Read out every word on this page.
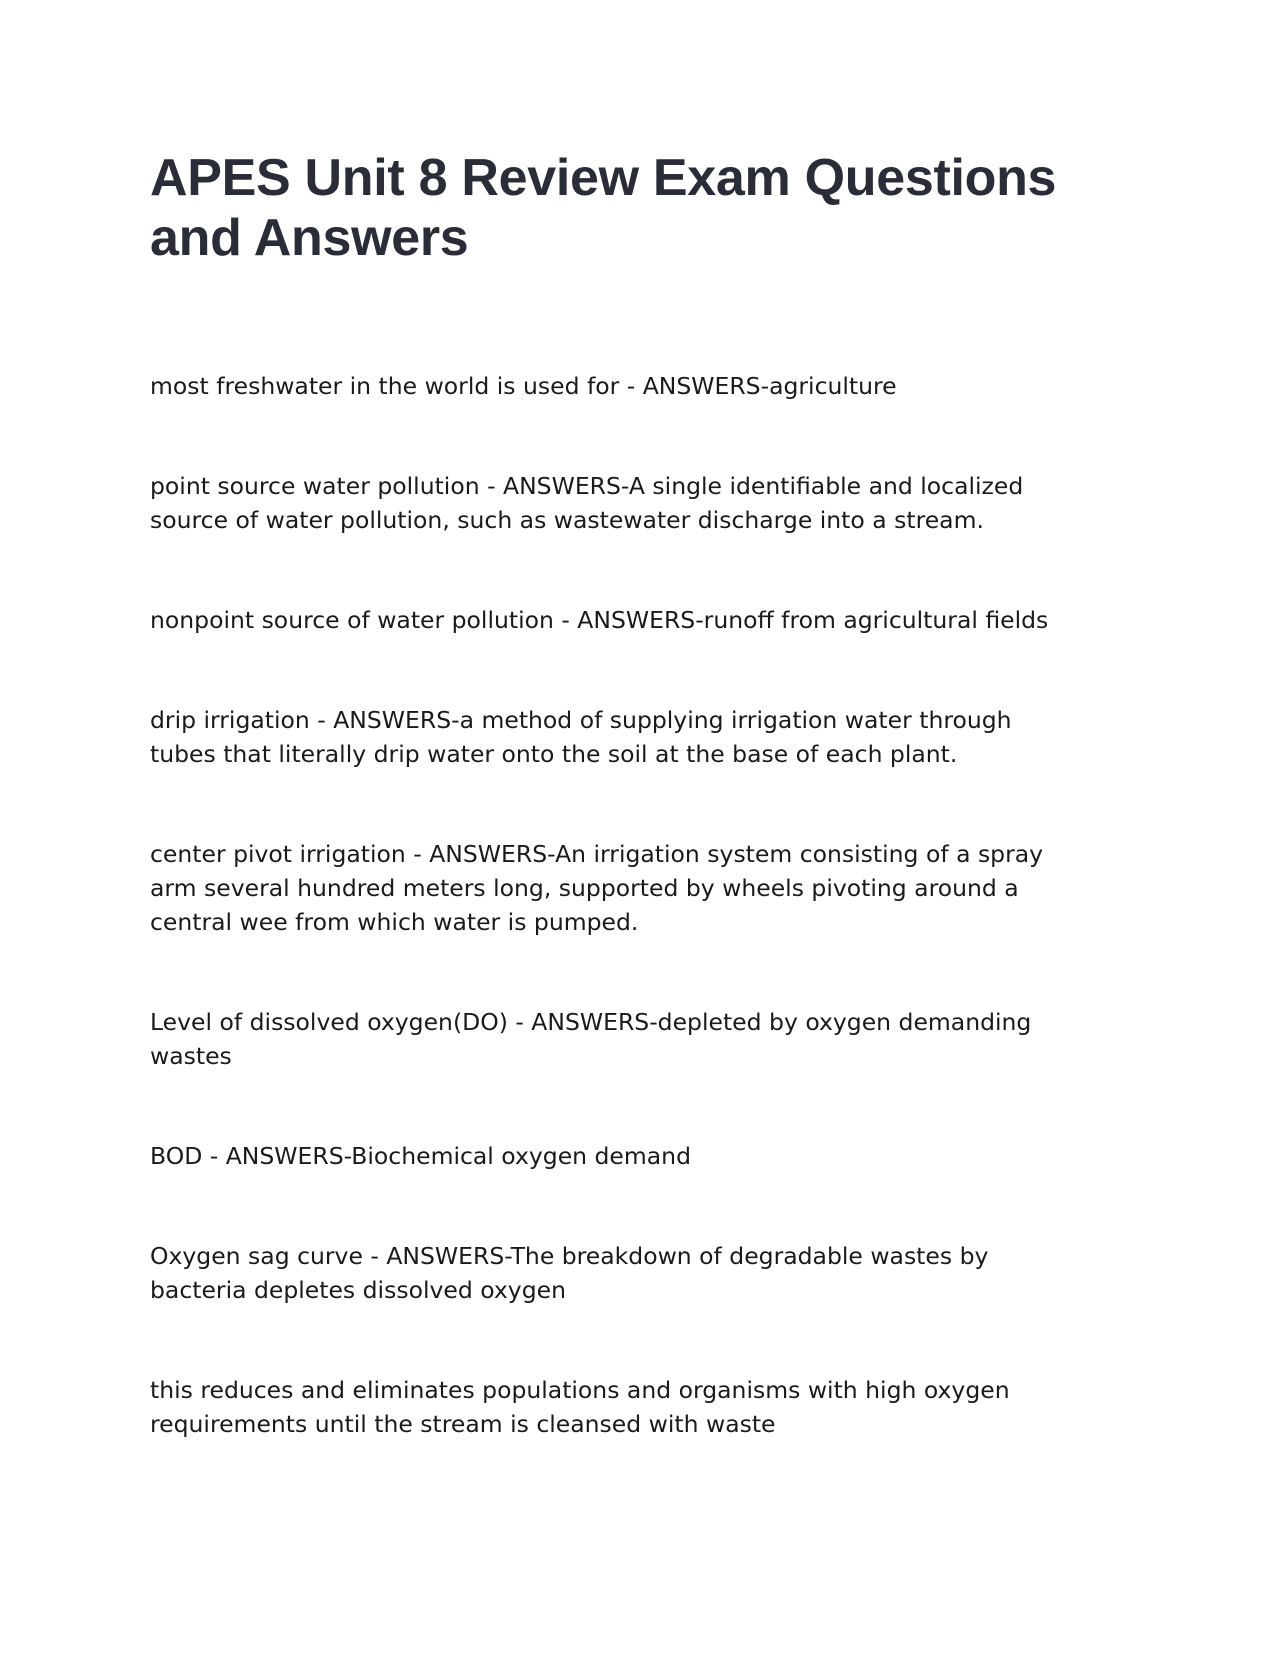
APES Unit 8 Review Exam Questions
and Answers

most freshwater in the world is used for - ANSWERS-agriculture

point source water pollution - ANSWERS-A single identifiable and localized
source of water pollution, such as wastewater discharge into a stream.

nonpoint source of water pollution - ANSWERS-runoff from agricultural fields

drip irrigation - ANSWERS-a method of supplying irrigation water through
tubes that literally drip water onto the soil at the base of each plant.

center pivot irrigation - ANSWERS-An irrigation system consisting of a spray
arm several hundred meters long, supported by wheels pivoting around a
central wee from which water is pumped.

Level of dissolved oxygen(DO) - ANSWERS-depleted by oxygen demanding
wastes

BOD - ANSWERS-Biochemical oxygen demand

Oxygen sag curve - ANSWERS-The breakdown of degradable wastes by
bacteria depletes dissolved oxygen

this reduces and eliminates populations and organisms with high oxygen
requirements until the stream is cleansed with waste
